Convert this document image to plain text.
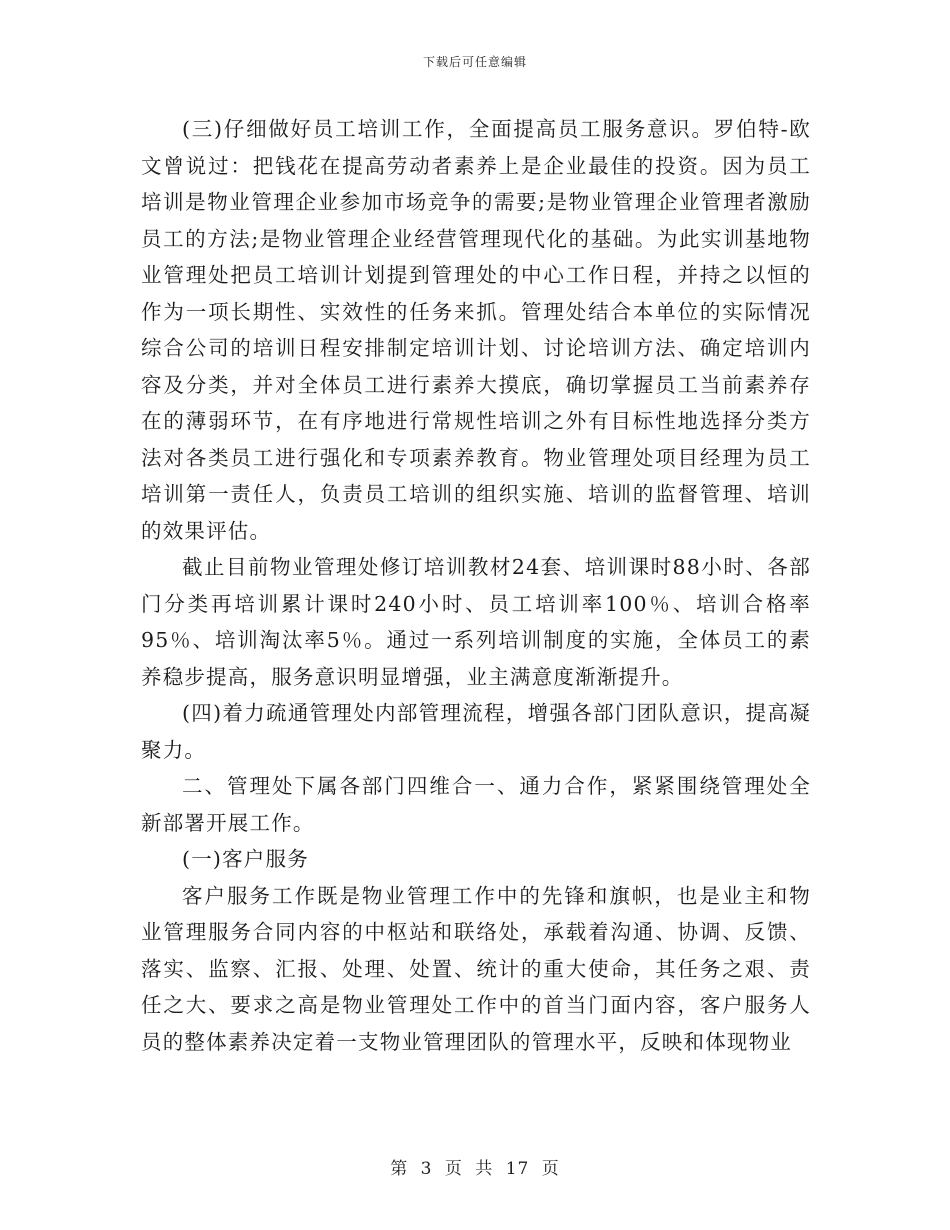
下载后可任意编辑

(三)仔细做好员工培训工作，全面提高员工服务意识。罗伯特-欧文曾说过：把钱花在提高劳动者素养上是企业最佳的投资。因为员工培训是物业管理企业参加市场竞争的需要;是物业管理企业管理者激励员工的方法;是物业管理企业经营管理现代化的基础。为此实训基地物业管理处把员工培训计划提到管理处的中心工作日程，并持之以恒的作为一项长期性、实效性的任务来抓。管理处结合本单位的实际情况综合公司的培训日程安排制定培训计划、讨论培训方法、确定培训内容及分类，并对全体员工进行素养大摸底，确切掌握员工当前素养存在的薄弱环节，在有序地进行常规性培训之外有目标性地选择分类方法对各类员工进行强化和专项素养教育。物业管理处项目经理为员工培训第一责任人，负责员工培训的组织实施、培训的监督管理、培训的效果评估。

截止目前物业管理处修订培训教材24套、培训课时88小时、各部门分类再培训累计课时240小时、员工培训率100％、培训合格率95％、培训淘汰率5％。通过一系列培训制度的实施，全体员工的素养稳步提高，服务意识明显增强，业主满意度渐渐提升。

(四)着力疏通管理处内部管理流程，增强各部门团队意识，提高凝聚力。

二、管理处下属各部门四维合一、通力合作，紧紧围绕管理处全新部署开展工作。

(一)客户服务

客户服务工作既是物业管理工作中的先锋和旗帜，也是业主和物业管理服务合同内容的中枢站和联络处，承载着沟通、协调、反馈、落实、监察、汇报、处理、处置、统计的重大使命，其任务之艰、责任之大、要求之高是物业管理处工作中的首当门面内容，客户服务人员的整体素养决定着一支物业管理团队的管理水平，反映和体现物业

第 3 页 共 17 页
